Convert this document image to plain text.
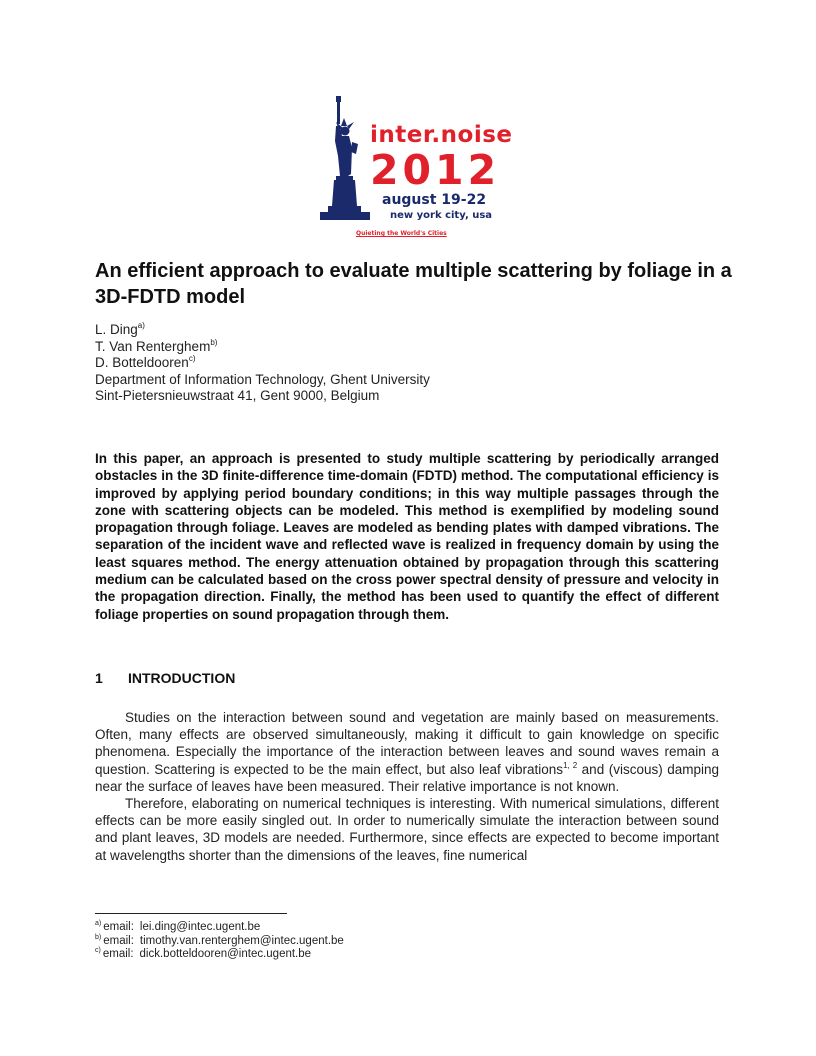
inter.noise
2012
august 19-22
new york city, usa
Quieting the World's Cities
An efficient approach to evaluate multiple scattering by foliage in a 3D-FDTD model
L. Ding$^{a)}$
T. Van Renterghem$^{b)}$
D. Botteldooren$^{c)}$
Department of Information Technology, Ghent University
Sint-Pietersnieuwstraat 41, Gent 9000, Belgium

In this paper, an approach is presented to study multiple scattering by periodically arranged obstacles in the 3D finite-difference time-domain (FDTD) method. The computational efficiency is improved by applying period boundary conditions; in this way multiple passages through the zone with scattering objects can be modeled. This method is exemplified by modeling sound propagation through foliage. Leaves are modeled as bending plates with damped vibrations. The separation of the incident wave and reflected wave is realized in frequency domain by using the least squares method. The energy attenuation obtained by propagation through this scattering medium can be calculated based on the cross power spectral density of pressure and velocity in the propagation direction. Finally, the method has been used to quantify the effect of different foliage properties on sound propagation through them.

1 INTRODUCTION

Studies on the interaction between sound and vegetation are mainly based on measurements. Often, many effects are observed simultaneously, making it difficult to gain knowledge on specific phenomena. Especially the importance of the interaction between leaves and sound waves remain a question. Scattering is expected to be the main effect, but also leaf vibrations$^{1, 2}$ and (viscous) damping near the surface of leaves have been measured. Their relative importance is not known.

Therefore, elaborating on numerical techniques is interesting. With numerical simulations, different effects can be more easily singled out. In order to numerically simulate the interaction between sound and plant leaves, 3D models are needed. Furthermore, since effects are expected to become important at wavelengths shorter than the dimensions of the leaves, fine numerical

$^{a)}$ email: lei.ding@intec.ugent.be
$^{b)}$ email: timothy.van.renterghem@intec.ugent.be
$^{c)}$ email: dick.botteldooren@intec.ugent.be
